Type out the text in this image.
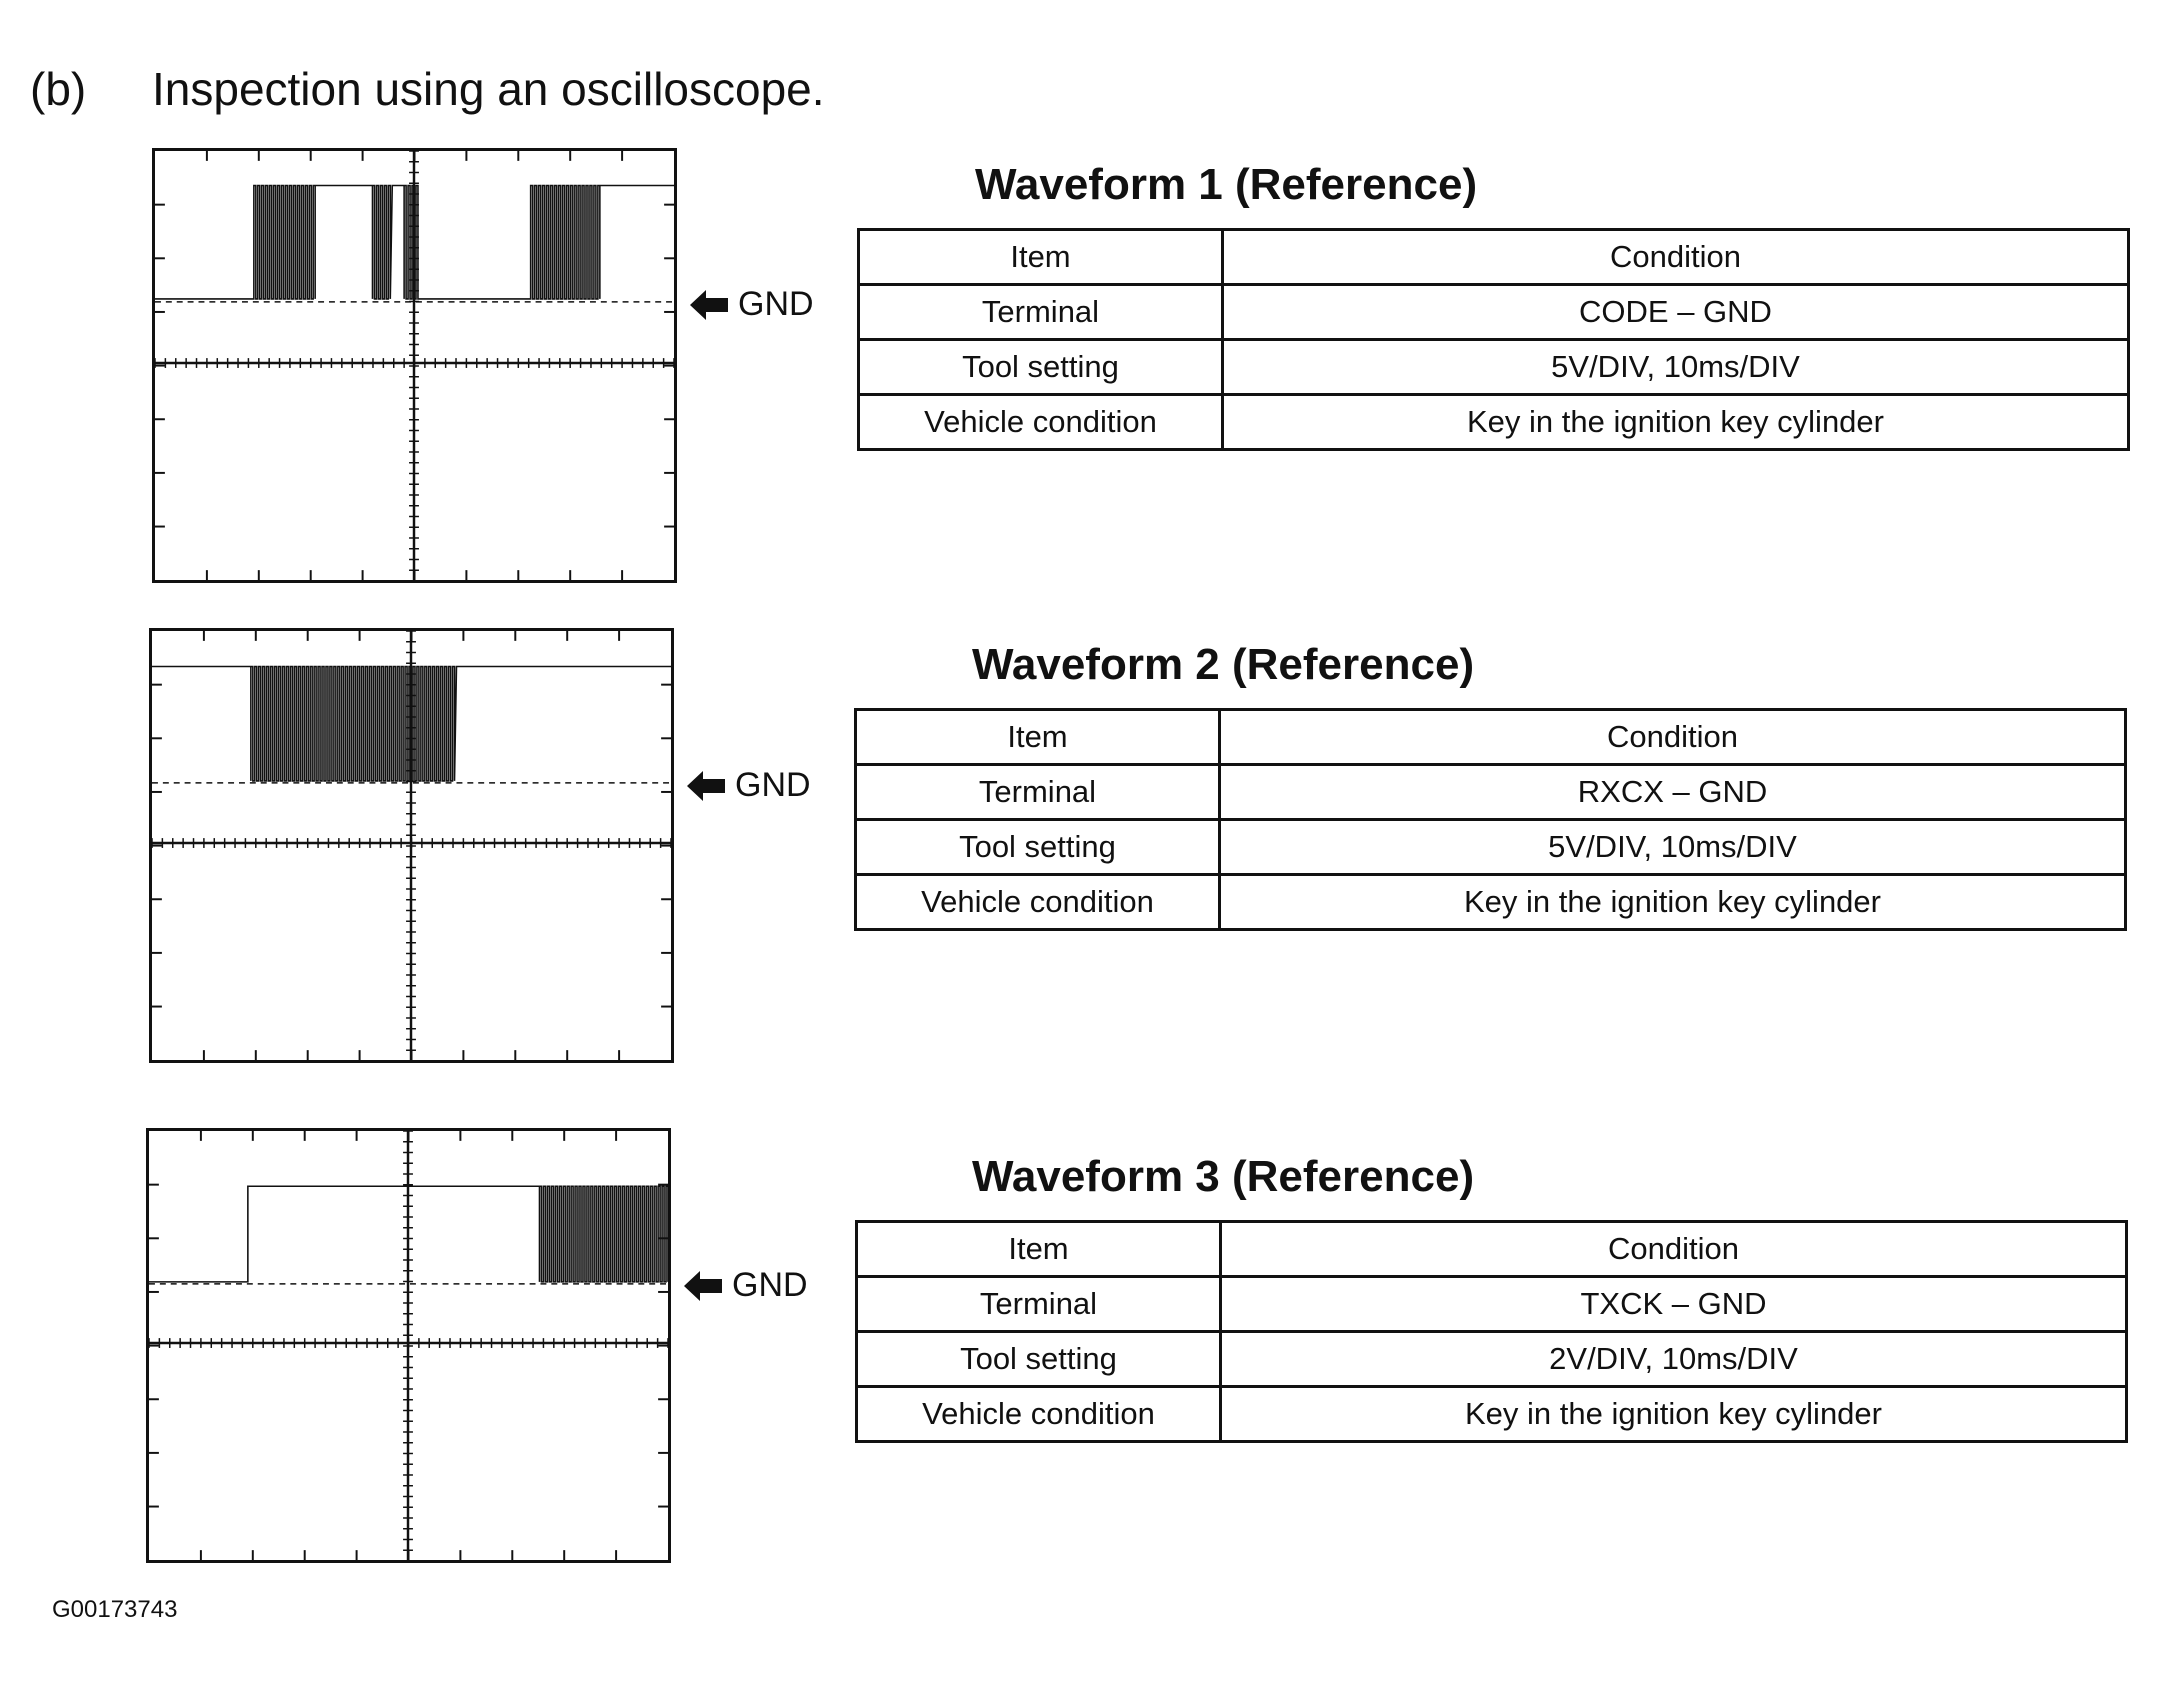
(b) Inspection using an oscilloscope.
GND
Waveform 1 (Reference)
Item	Condition
Terminal	CODE – GND
Tool setting	5V/DIV, 10ms/DIV
Vehicle condition	Key in the ignition key cylinder
GND
Waveform 2 (Reference)
Item	Condition
Terminal	RXCX – GND
Tool setting	5V/DIV, 10ms/DIV
Vehicle condition	Key in the ignition key cylinder
GND
Waveform 3 (Reference)
Item	Condition
Terminal	TXCK – GND
Tool setting	2V/DIV, 10ms/DIV
Vehicle condition	Key in the ignition key cylinder
G00173743
